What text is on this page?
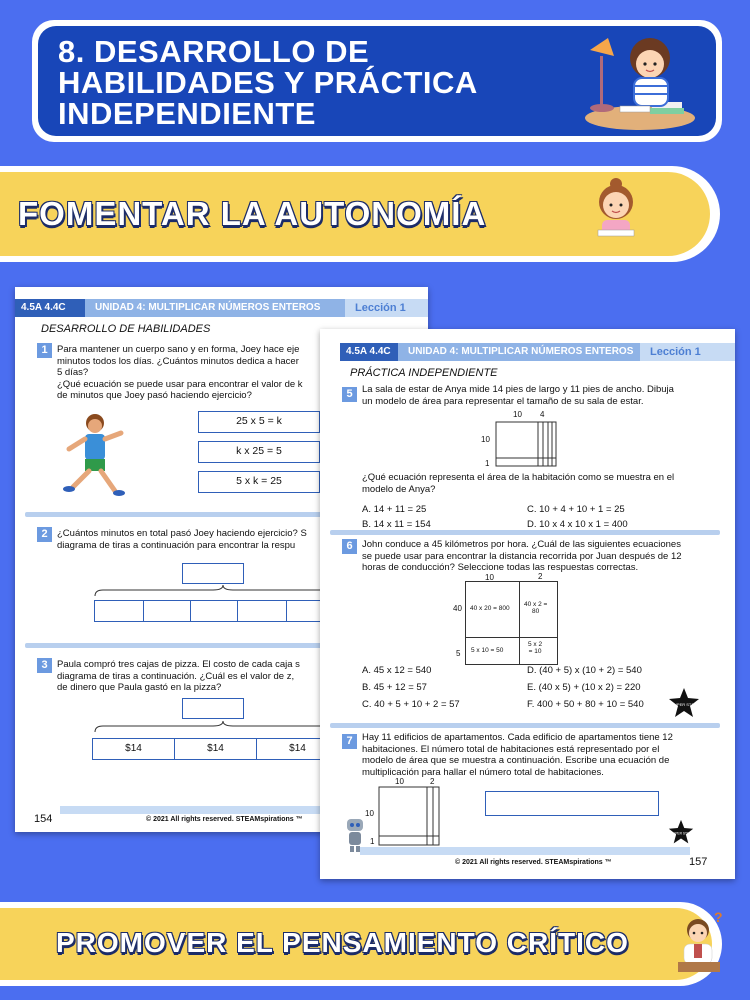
8. DESARROLLO DE HABILIDADES Y PRÁCTICA INDEPENDIENTE
FOMENTAR LA AUTONOMÍA
4.5A 4.4C	UNIDAD 4: MULTIPLICAR NÚMEROS ENTEROS	Lección 1
DESARROLLO DE HABILIDADES
1 Para mantener un cuerpo sano y en forma, Joey hace eje
minutos todos los días. ¿Cuántos minutos dedica a hacer
5 días?
¿Qué ecuación se puede usar para encontrar el valor de k
de minutos que Joey pasó haciendo ejercicio?
25 x 5 = k
k x 25 = 5
5 x k = 25
2 ¿Cuántos minutos en total pasó Joey haciendo ejercicio? S
diagrama de tiras a continuación para encontrar la respu
3 Paula compró tres cajas de pizza. El costo de cada caja s
diagrama de tiras a continuación. ¿Cuál es el valor de z,
de dinero que Paula gastó en la pizza?
$14	$14	$14
154	© 2021 All rights reserved. STEAMspirations ™
4.5A 4.4C	UNIDAD 4: MULTIPLICAR NÚMEROS ENTEROS	Lección 1
PRÁCTICA INDEPENDIENTE
5 La sala de estar de Anya mide 14 pies de largo y 11 pies de ancho. Dibuja
un modelo de área para representar el tamaño de su sala de estar.
10 4
10
1
¿Qué ecuación representa el área de la habitación como se muestra en el
modelo de Anya?
A. 14 + 11 = 25
B. 14 x 11 = 154
C. 10 + 4 + 10 + 1 = 25
D. 10 x 4 x 10 x 1 = 400
6 John conduce a 45 kilómetros por hora. ¿Cuál de las siguientes ecuaciones
se puede usar para encontrar la distancia recorrida por Juan después de 12
horas de conducción? Seleccione todas las respuestas correctas.
10	2
40
5
40 x 20 = 800
40 x 2 =
80
5 x 10 = 50
5 x 2
= 10
A. 45 x 12 = 540
B. 45 + 12 = 57
C. 40 + 5 + 10 + 2 = 57
D. (40 + 5) x (10 + 2) = 540
E. (40 x 5) + (10 x 2) = 220
F. 400 + 50 + 80 + 10 = 540	SUPER STAR
7 Hay 11 edificios de apartamentos. Cada edificio de apartamentos tiene 12
habitaciones. El número total de habitaciones está representado por el
modelo de área que se muestra a continuación. Escribe una ecuación de
multiplicación para hallar el número total de habitaciones.
10	2
10
1
SUPER STAR
© 2021 All rights reserved. STEAMspirations ™	157
PROMOVER EL PENSAMIENTO CRÍTICO
?
